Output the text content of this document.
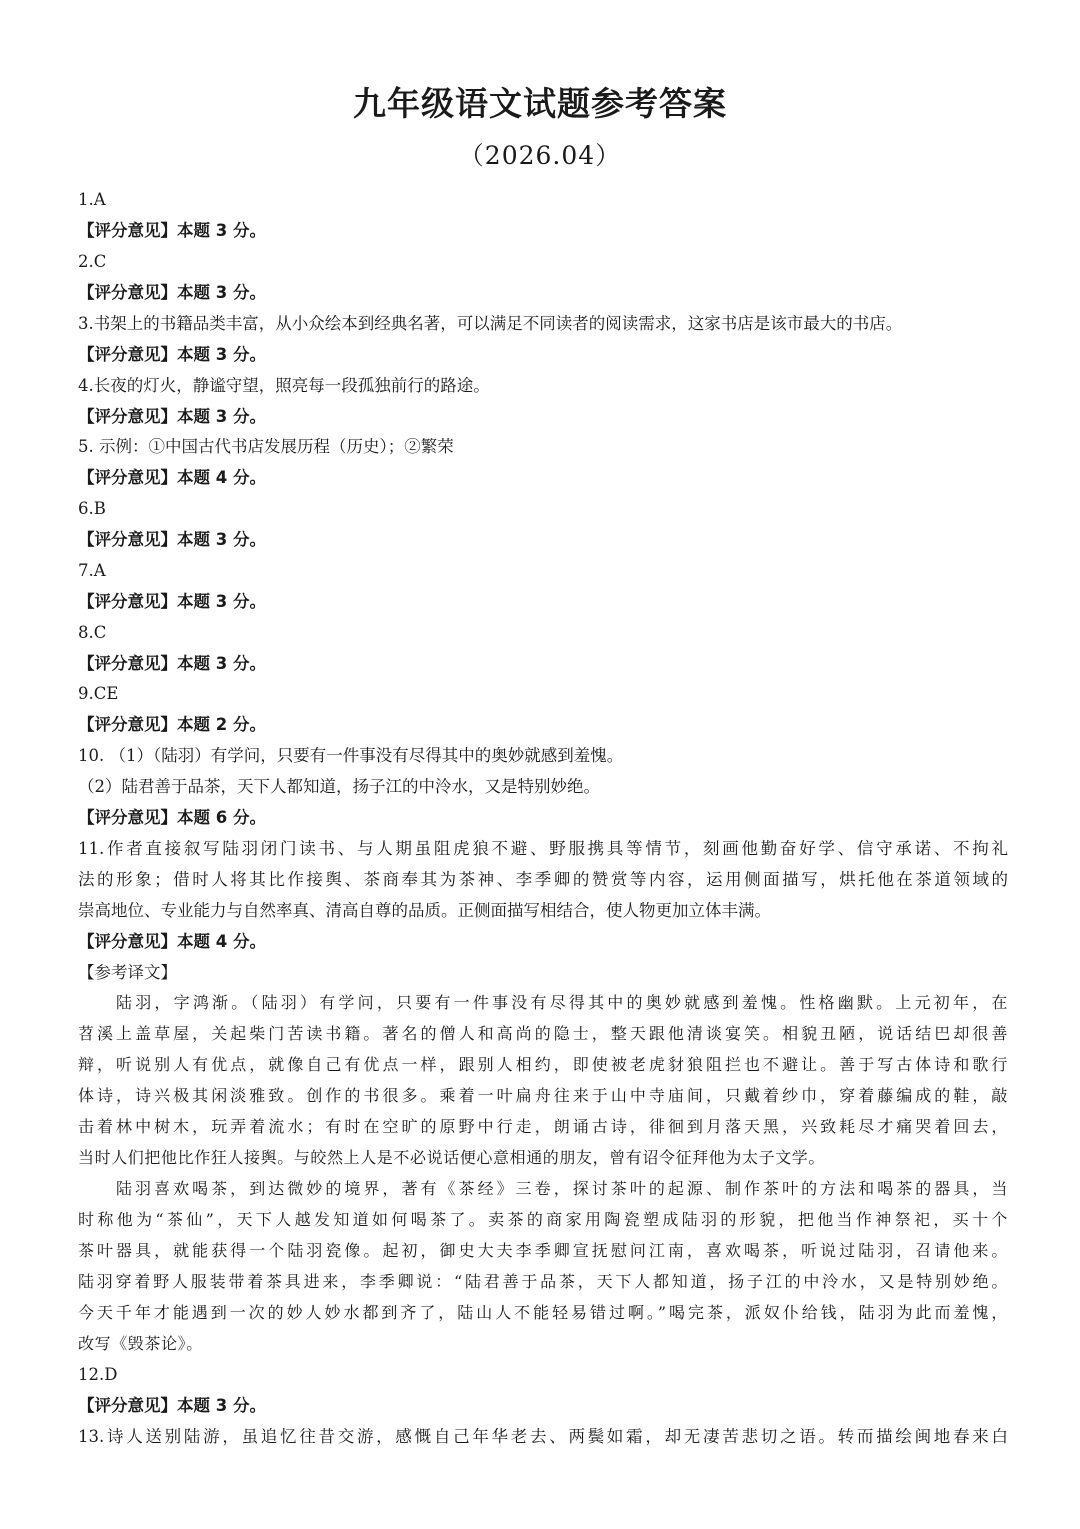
九年级语文试题参考答案
（2026.04）
1.A
【评分意见】本题 3 分。
2.C
【评分意见】本题 3 分。
3.书架上的书籍品类丰富，从小众绘本到经典名著，可以满足不同读者的阅读需求，这家书店是该市最大的书店。
【评分意见】本题 3 分。
4.长夜的灯火，静谧守望，照亮每一段孤独前行的路途。
【评分意见】本题 3 分。
5. 示例：①中国古代书店发展历程（历史）；②繁荣
【评分意见】本题 4 分。
6.B
【评分意见】本题 3 分。
7.A
【评分意见】本题 3 分。
8.C
【评分意见】本题 3 分。
9.CE
【评分意见】本题 2 分。
10. （1）（陆羽）有学问，只要有一件事没有尽得其中的奥妙就感到羞愧。
（2）陆君善于品茶，天下人都知道，扬子江的中泠水，又是特别妙绝。
【评分意见】本题 6 分。
11.作者直接叙写陆羽闭门读书、与人期虽阻虎狼不避、野服携具等情节，刻画他勤奋好学、信守承诺、不拘礼
法的形象；借时人将其比作接舆、茶商奉其为茶神、李季卿的赞赏等内容，运用侧面描写，烘托他在茶道领域的
崇高地位、专业能力与自然率真、清高自尊的品质。正侧面描写相结合，使人物更加立体丰满。
【评分意见】本题 4 分。
【参考译文】
陆羽，字鸿渐。（陆羽）有学问，只要有一件事没有尽得其中的奥妙就感到羞愧。性格幽默。上元初年，在
苕溪上盖草屋，关起柴门苦读书籍。著名的僧人和高尚的隐士，整天跟他清谈宴笑。相貌丑陋，说话结巴却很善
辩，听说别人有优点，就像自己有优点一样，跟别人相约，即使被老虎豺狼阻拦也不避让。善于写古体诗和歌行
体诗，诗兴极其闲淡雅致。创作的书很多。乘着一叶扁舟往来于山中寺庙间，只戴着纱巾，穿着藤编成的鞋，敲
击着林中树木，玩弄着流水；有时在空旷的原野中行走，朗诵古诗，徘徊到月落天黑，兴致耗尽才痛哭着回去，
当时人们把他比作狂人接舆。与皎然上人是不必说话便心意相通的朋友，曾有诏令征拜他为太子文学。
陆羽喜欢喝茶，到达微妙的境界，著有《茶经》三卷，探讨茶叶的起源、制作茶叶的方法和喝茶的器具，当
时称他为“茶仙”，天下人越发知道如何喝茶了。卖茶的商家用陶瓷塑成陆羽的形貌，把他当作神祭祀，买十个
茶叶器具，就能获得一个陆羽瓷像。起初，御史大夫李季卿宣抚慰问江南，喜欢喝茶，听说过陆羽，召请他来。
陆羽穿着野人服装带着茶具进来，李季卿说：“陆君善于品茶，天下人都知道，扬子江的中泠水，又是特别妙绝。
今天千年才能遇到一次的妙人妙水都到齐了，陆山人不能轻易错过啊。”喝完茶，派奴仆给钱，陆羽为此而羞愧，
改写《毁茶论》。
12.D
【评分意见】本题 3 分。
13.诗人送别陆游，虽追忆往昔交游，感慨自己年华老去、两鬓如霜，却无凄苦悲切之语。转而描绘闽地春来白
